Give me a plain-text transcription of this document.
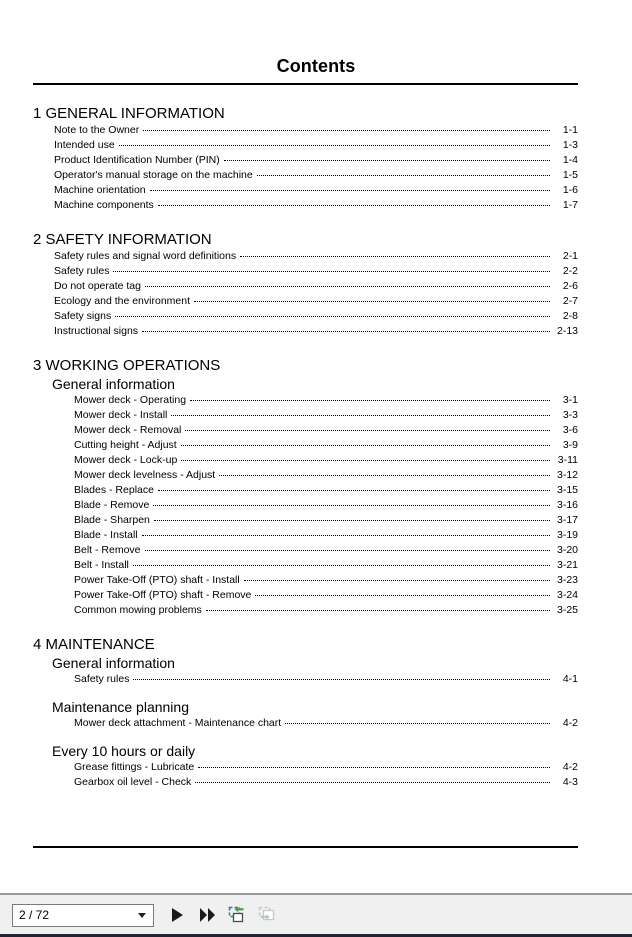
Contents
1 GENERAL INFORMATION
Note to the Owner	1-1
Intended use	1-3
Product Identification Number (PIN)	1-4
Operator's manual storage on the machine	1-5
Machine orientation	1-6
Machine components	1-7
2 SAFETY INFORMATION
Safety rules and signal word definitions	2-1
Safety rules	2-2
Do not operate tag	2-6
Ecology and the environment	2-7
Safety signs	2-8
Instructional signs	2-13
3 WORKING OPERATIONS
General information
Mower deck - Operating	3-1
Mower deck - Install	3-3
Mower deck - Removal	3-6
Cutting height - Adjust	3-9
Mower deck - Lock-up	3-11
Mower deck levelness - Adjust	3-12
Blades - Replace	3-15
Blade - Remove	3-16
Blade - Sharpen	3-17
Blade - Install	3-19
Belt - Remove	3-20
Belt - Install	3-21
Power Take-Off (PTO) shaft - Install	3-23
Power Take-Off (PTO) shaft - Remove	3-24
Common mowing problems	3-25
4 MAINTENANCE
General information
Safety rules	4-1
Maintenance planning
Mower deck attachment - Maintenance chart	4-2
Every 10 hours or daily
Grease fittings - Lubricate	4-2
Gearbox oil level - Check	4-3
2 / 72
